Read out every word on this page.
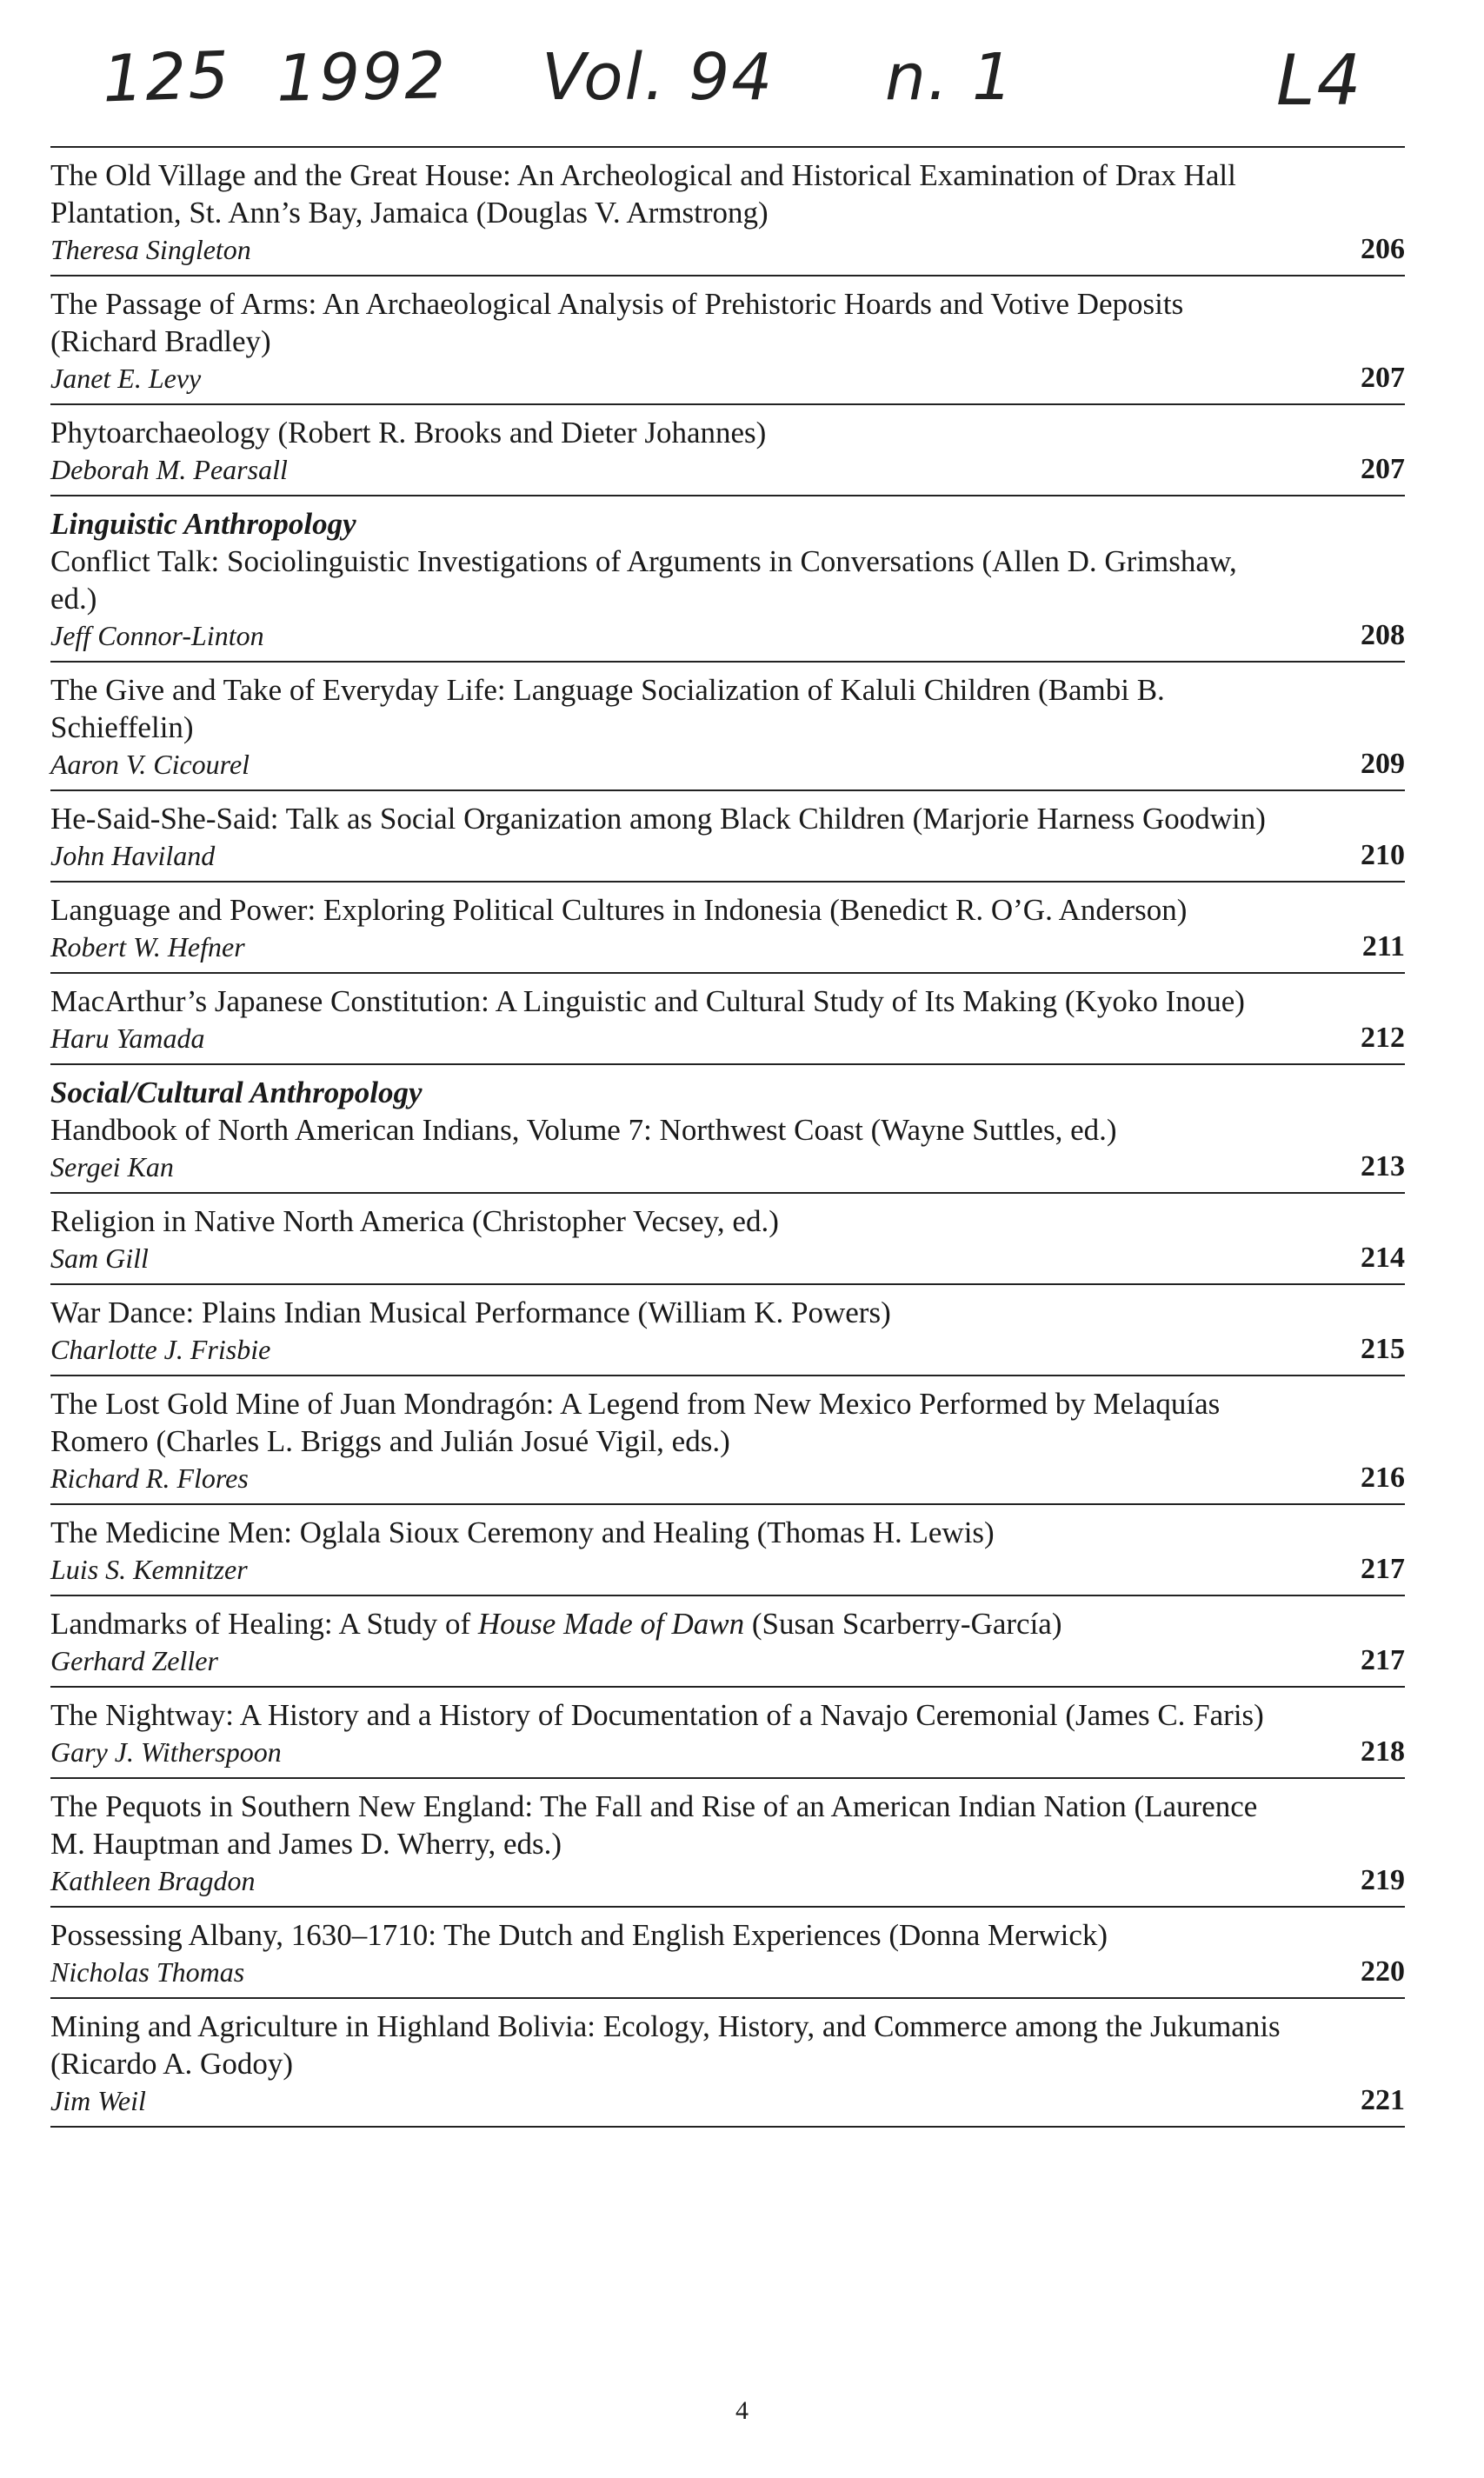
125 1992 Vol. 94 n. 1	L4
The Old Village and the Great House: An Archeological and Historical Examination of Drax Hall Plantation, St. Ann’s Bay, Jamaica (Douglas V. Armstrong)
Theresa Singleton	206
The Passage of Arms: An Archaeological Analysis of Prehistoric Hoards and Votive Deposits (Richard Bradley)
Janet E. Levy	207
Phytoarchaeology (Robert R. Brooks and Dieter Johannes)
Deborah M. Pearsall	207
Linguistic Anthropology
Conflict Talk: Sociolinguistic Investigations of Arguments in Conversations (Allen D. Grimshaw, ed.)
Jeff Connor-Linton	208
The Give and Take of Everyday Life: Language Socialization of Kaluli Children (Bambi B. Schieffelin)
Aaron V. Cicourel	209
He-Said-She-Said: Talk as Social Organization among Black Children (Marjorie Harness Goodwin)
John Haviland	210
Language and Power: Exploring Political Cultures in Indonesia (Benedict R. O’G. Anderson)
Robert W. Hefner	211
MacArthur’s Japanese Constitution: A Linguistic and Cultural Study of Its Making (Kyoko Inoue)
Haru Yamada	212
Social/Cultural Anthropology
Handbook of North American Indians, Volume 7: Northwest Coast (Wayne Suttles, ed.)
Sergei Kan	213
Religion in Native North America (Christopher Vecsey, ed.)
Sam Gill	214
War Dance: Plains Indian Musical Performance (William K. Powers)
Charlotte J. Frisbie	215
The Lost Gold Mine of Juan Mondragón: A Legend from New Mexico Performed by Melaquías Romero (Charles L. Briggs and Julián Josué Vigil, eds.)
Richard R. Flores	216
The Medicine Men: Oglala Sioux Ceremony and Healing (Thomas H. Lewis)
Luis S. Kemnitzer	217
Landmarks of Healing: A Study of House Made of Dawn (Susan Scarberry-García)
Gerhard Zeller	217
The Nightway: A History and a History of Documentation of a Navajo Ceremonial (James C. Faris)
Gary J. Witherspoon	218
The Pequots in Southern New England: The Fall and Rise of an American Indian Nation (Laurence M. Hauptman and James D. Wherry, eds.)
Kathleen Bragdon	219
Possessing Albany, 1630–1710: The Dutch and English Experiences (Donna Merwick)
Nicholas Thomas	220
Mining and Agriculture in Highland Bolivia: Ecology, History, and Commerce among the Jukumanis (Ricardo A. Godoy)
Jim Weil	221
4
